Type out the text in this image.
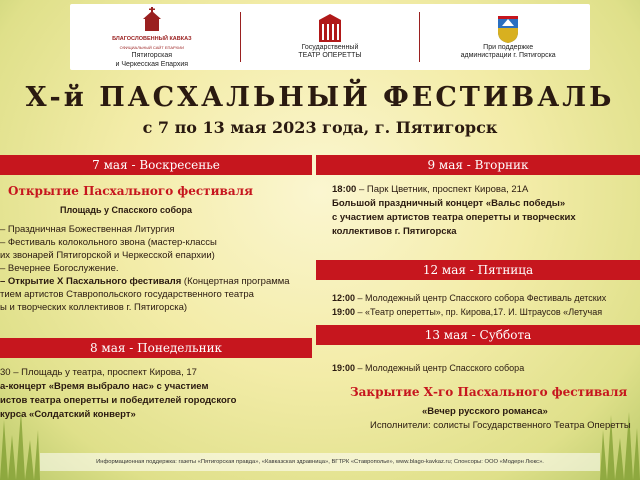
БЛАГОСЛОВЕННЫЙ КАВКАЗ
ОФИЦИАЛЬНЫЙ САЙТ ЕПАРХИИ
Пятигорская
и Черкесская Епархия
Государственный
ТЕАТР ОПЕРЕТТЫ
При поддержке
администрации г. Пятигорска
Х-й ПАСХАЛЬНЫЙ ФЕСТИВАЛЬ
с 7 по 13 мая 2023 года, г. Пятигорск
7 мая - Воскресенье
Открытие Пасхального фестиваля
Площадь у Спасского собора
– Праздничная Божественная Литургия
– Фестиваль колокольного звона (мастер-классы
их звонарей Пятигорской и Черкесской епархии)
– Вечернее Богослужение.
– Открытие Х Пасхального фестиваля (Концертная программа
тием артистов Ставропольского государственного театра
ы и творческих коллективов г. Пятигорска)
8 мая - Понедельник
30 – Площадь у театра, проспект Кирова, 17
а-концерт «Время выбрало нас» с участием
истов театра оперетты и победителей городского
курса «Солдатский конверт»
9 мая - Вторник
18:00 – Парк Цветник, проспект Кирова, 21А
Большой праздничный концерт «Вальс победы»
с участием артистов театра оперетты и творческих
коллективов г. Пятигорска
12 мая - Пятница
12:00 – Молодежный центр Спасского собора Фестиваль детских
19:00 – «Театр оперетты», пр. Кирова,17. И. Штраусов «Летучая
13 мая - Суббота
19:00 – Молодежный центр Спасского собора
Закрытие Х-го Пасхального фестиваля
«Вечер русского романса»
Исполнители: солисты Государственного Театра Оперетты
Информационная поддержка: газеты «Пятигорская правда», «Кавказская здравница», ВГТРК «Ставрополье», www.blago-kavkaz.ru; Спонсоры: ООО «Модерн Люкс».
